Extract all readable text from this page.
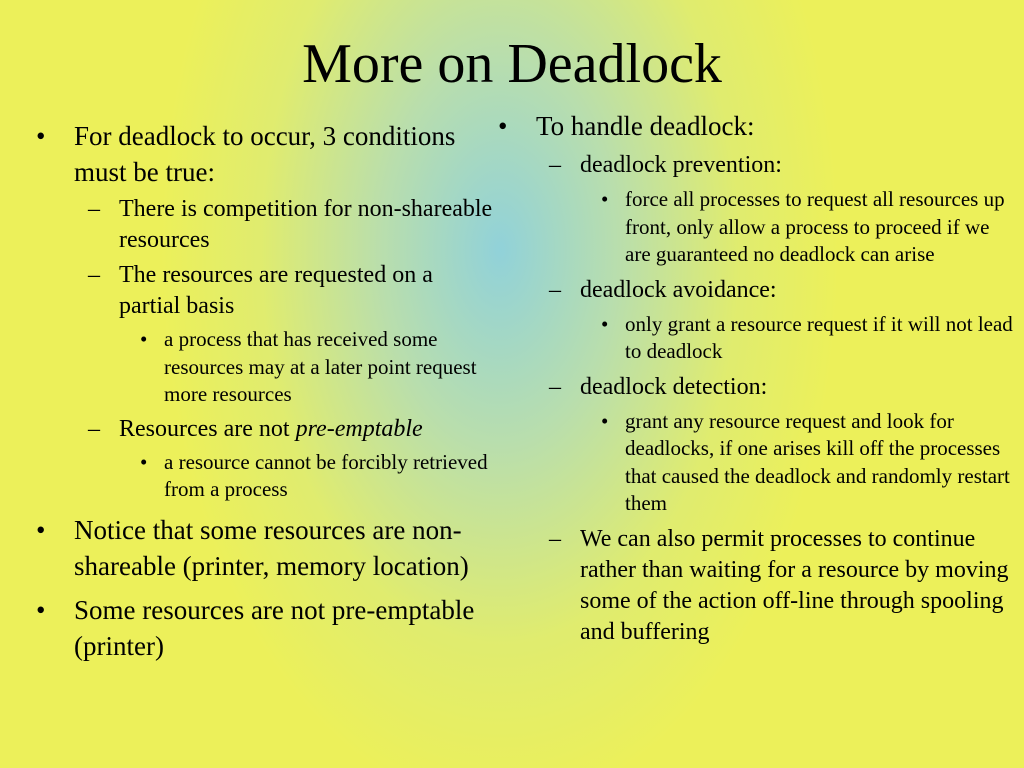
More on Deadlock
• For deadlock to occur, 3 conditions must be true:
– There is competition for non-shareable resources
– The resources are requested on a partial basis
• a process that has received some resources may at a later point request more resources
– Resources are not pre-emptable
• a resource cannot be forcibly retrieved from a process
• Notice that some resources are non-shareable (printer, memory location)
• Some resources are not pre-emptable (printer)
• To handle deadlock:
– deadlock prevention:
• force all processes to request all resources up front, only allow a process to proceed if we are guaranteed no deadlock can arise
– deadlock avoidance:
• only grant a resource request if it will not lead to deadlock
– deadlock detection:
• grant any resource request and look for deadlocks, if one arises kill off the processes that caused the deadlock and randomly restart them
– We can also permit processes to continue rather than waiting for a resource by moving some of the action off-line through spooling and buffering
